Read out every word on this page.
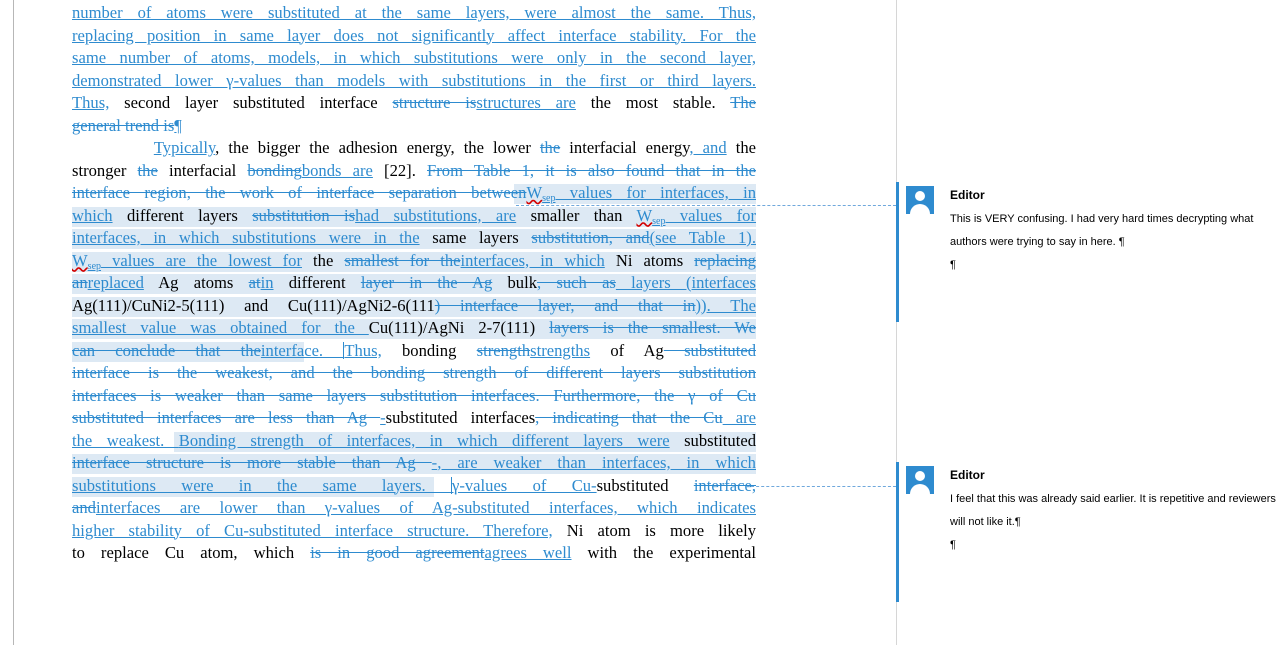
number of atoms were substituted at the same layers, were almost the same. Thus,
replacing position in same layer does not significantly affect interface stability. For the
same number of atoms, models, in which substitutions were only in the second layer,
demonstrated lower γ-values than models with substitutions in the first or third layers.
Thus, second layer substituted interface structure isstructures are the most stable. The
general trend is¶
Typically, the bigger the adhesion energy, the lower the interfacial energy, and the
stronger the interfacial bondingbonds are [22]. From Table 1, it is also found that in the
interface region, the work of interface separation betweenW$_{sep}$ values for interfaces, in
which different layers substitution ishad substitutions, are smaller than $W_{sep}$ values for
interfaces, in which substitutions were in the same layers substitution, and(see Table 1).
$W_{sep}$ values are the lowest for the smallest for theinterfaces, in which Ni atoms replacing
anreplaced Ag atoms atin different layer in the Ag bulk, such as layers (interfaces
Ag(111)/CuNi2-5(111) and Cu(111)/AgNi2-6(111) interface layer, and that in)). The
smallest value was obtained for the Cu(111)/AgNi 2-7(111) layers is the smallest. We
can conclude that theinterface. Thus, bonding strengthstrengths of Ag substituted
interface is the weakest, and the bonding strength of different layers substitution
interfaces is weaker than same layers substitution interfaces. Furthermore, the γ of Cu
substituted interfaces are less than Ag -substituted interfaces, indicating that the Cu are
the weakest. Bonding strength of interfaces, in which different layers were substituted
interface structure is more stable than Ag -, are weaker than interfaces, in which
substitutions were in the same layers. γ-values of Cu-substituted interface,
andinterfaces are lower than γ-values of Ag-substituted interfaces, which indicates
higher stability of Cu-substituted interface structure. Therefore, Ni atom is more likely
to replace Cu atom, which is in good agreementagrees well with the experimental
Editor
This is VERY confusing. I had very hard times decrypting what authors were trying to say in here. ¶
¶
Editor
I feel that this was already said earlier. It is repetitive and reviewers will not like it.¶
¶
